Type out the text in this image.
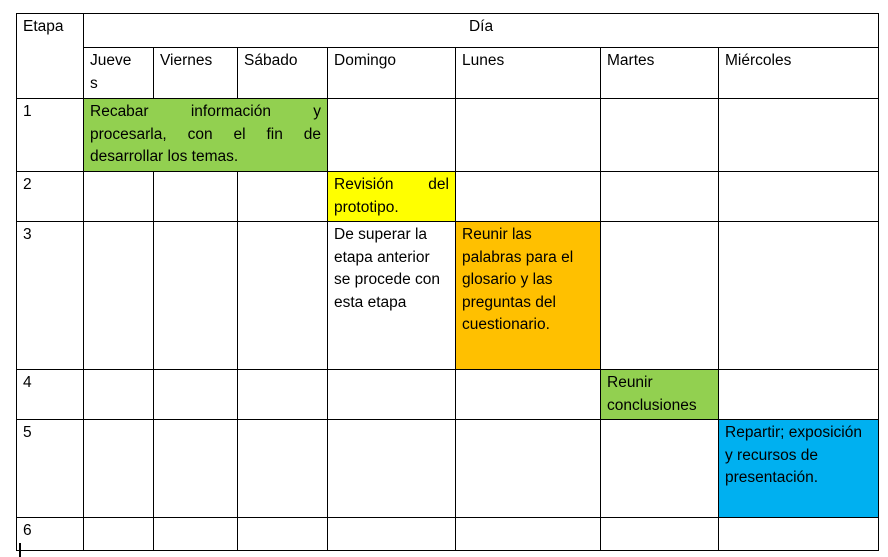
Etapa	Día						
	Jueves	Viernes	Sábado	Domingo	Lunes	Martes	Miércoles
1	Recabar información y procesarla, con el fin de desarrollar los temas.						
2				Revisión del prototipo.			
3				De superar la etapa anterior se procede con esta etapa	Reunir las palabras para el glosario y las preguntas del cuestionario.		
4						Reunir conclusiones	
5							Repartir; exposición y recursos de presentación.
6							
